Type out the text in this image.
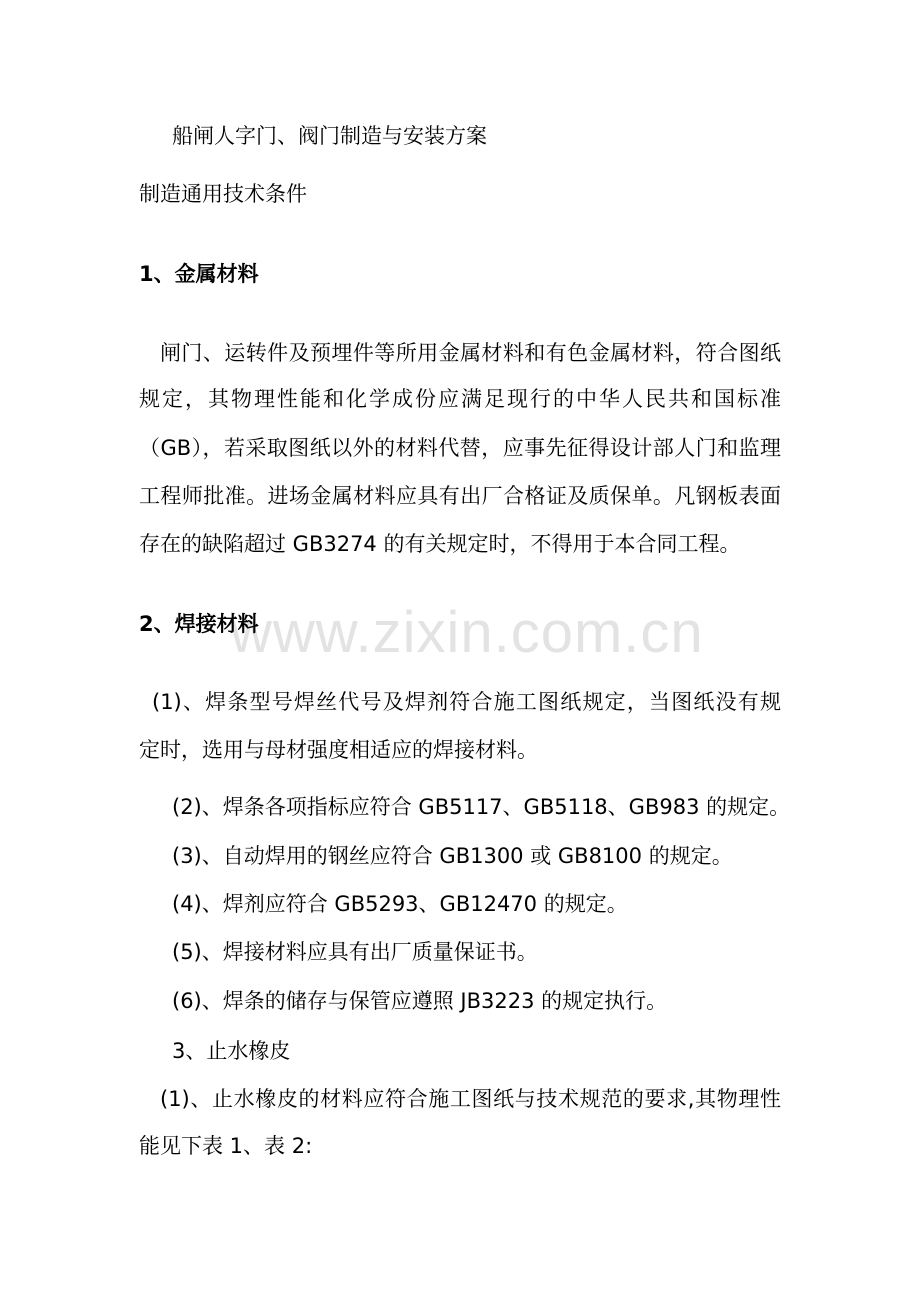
www.zixin.com.cn
船闸人字门、阀门制造与安装方案
制造通用技术条件
1、金属材料
闸门、运转件及预埋件等所用金属材料和有色金属材料，符合图纸
规定，其物理性能和化学成份应满足现行的中华人民共和国标准
（GB），若采取图纸以外的材料代替，应事先征得设计部人门和监理
工程师批准。进场金属材料应具有出厂合格证及质保单。凡钢板表面
存在的缺陷超过 GB3274 的有关规定时，不得用于本合同工程。
2、焊接材料
(1)、焊条型号焊丝代号及焊剂符合施工图纸规定，当图纸没有规
定时，选用与母材强度相适应的焊接材料。
(2)、焊条各项指标应符合 GB5117、GB5118、GB983 的规定。
(3)、自动焊用的钢丝应符合 GB1300 或 GB8100 的规定。
(4)、焊剂应符合 GB5293、GB12470 的规定。
(5)、焊接材料应具有出厂质量保证书。
(6)、焊条的储存与保管应遵照 JB3223 的规定执行。
3、止水橡皮
(1)、止水橡皮的材料应符合施工图纸与技术规范的要求,其物理性
能见下表 1、表 2:
